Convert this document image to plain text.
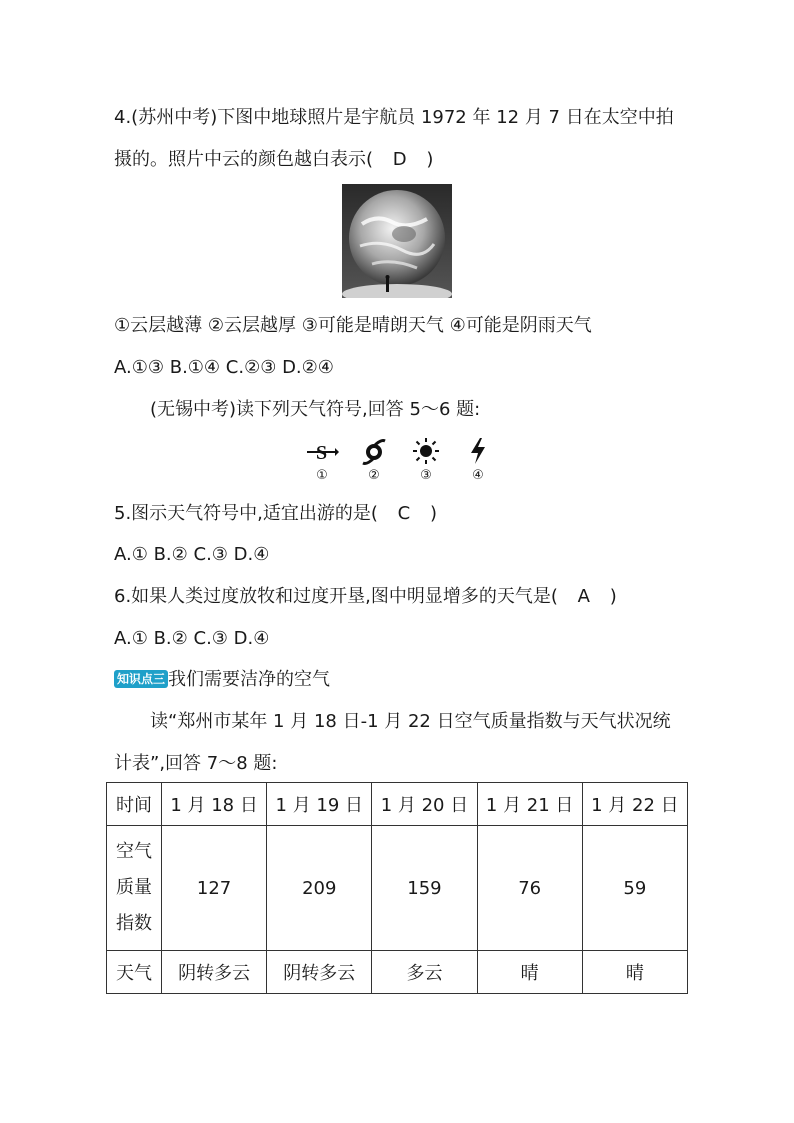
4.(苏州中考)下图中地球照片是宇航员 1972 年 12 月 7 日在太空中拍
摄的。照片中云的颜色越白表示( D )
①云层越薄 ②云层越厚 ③可能是晴朗天气 ④可能是阴雨天气
A.①③ B.①④ C.②③ D.②④
(无锡中考)读下列天气符号,回答 5～6 题:
S
①	②	③	④
5.图示天气符号中,适宜出游的是( C )
A.① B.② C.③ D.④
6.如果人类过度放牧和过度开垦,图中明显增多的天气是( A )
A.① B.② C.③ D.④
知识点三 我们需要洁净的空气
读“郑州市某年 1 月 18 日-1 月 22 日空气质量指数与天气状况统
计表”,回答 7～8 题:
时间	1 月 18 日	1 月 19 日	1 月 20 日	1 月 21 日	1 月 22 日

空气
质量
指数	127	209	159	76	59
天气	阴转多云	阴转多云	多云	晴	晴
